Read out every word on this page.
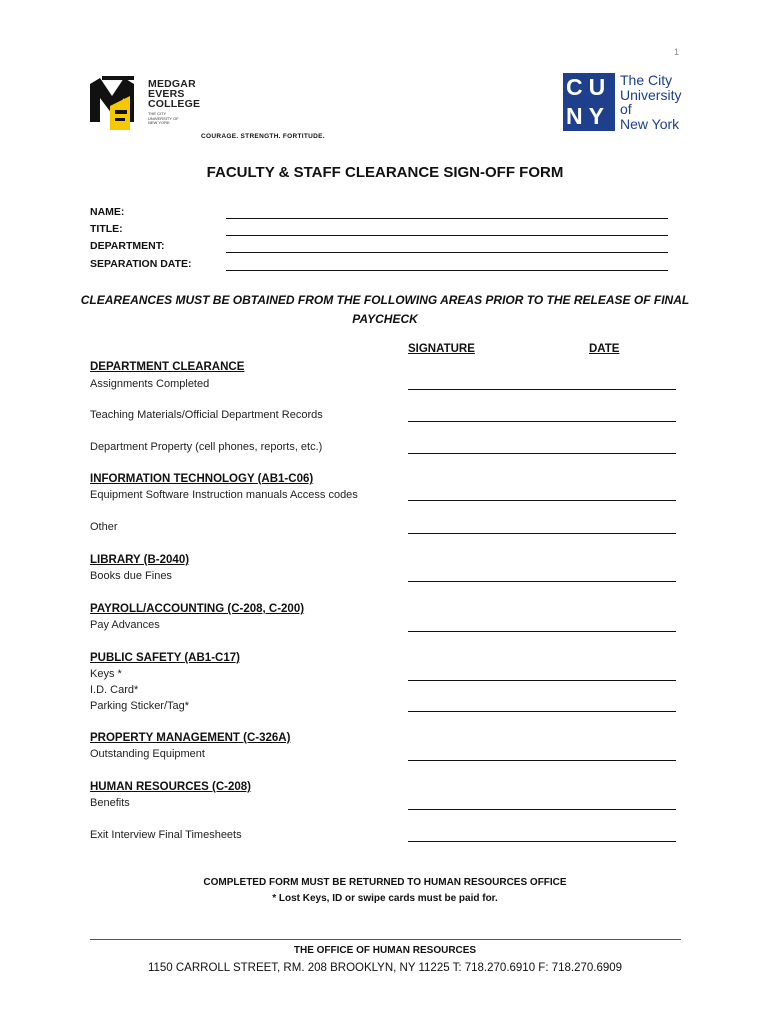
1
MEDGAR
EVERS
COLLEGE
THE CITY UNIVERSITY OF NEW YORK
COURAGE. STRENGTH. FORTITUDE.
CU
NY
The City
University
of
New York
FACULTY & STAFF CLEARANCE SIGN-OFF FORM
NAME:
TITLE:
DEPARTMENT:
SEPARATION DATE:
CLEAREANCES MUST BE OBTAINED FROM THE FOLLOWING AREAS PRIOR TO THE RELEASE OF FINAL PAYCHECK
SIGNATURE	DATE
DEPARTMENT CLEARANCE
Assignments Completed
Teaching Materials/Official Department Records
Department Property (cell phones, reports, etc.)
INFORMATION TECHNOLOGY (AB1-C06)
Equipment Software Instruction manuals Access codes
Other
LIBRARY (B-2040)
Books due Fines
PAYROLL/ACCOUNTING (C-208, C-200)
Pay Advances
PUBLIC SAFETY (AB1-C17)
Keys *
I.D. Card*
Parking Sticker/Tag*
PROPERTY MANAGEMENT (C-326A)
Outstanding Equipment
HUMAN RESOURCES (C-208)
Benefits
Exit Interview Final Timesheets
COMPLETED FORM MUST BE RETURNED TO HUMAN RESOURCES OFFICE
* Lost Keys, ID or swipe cards must be paid for.
THE OFFICE OF HUMAN RESOURCES
1150 CARROLL STREET, RM. 208 BROOKLYN, NY 11225 T: 718.270.6910 F: 718.270.6909
